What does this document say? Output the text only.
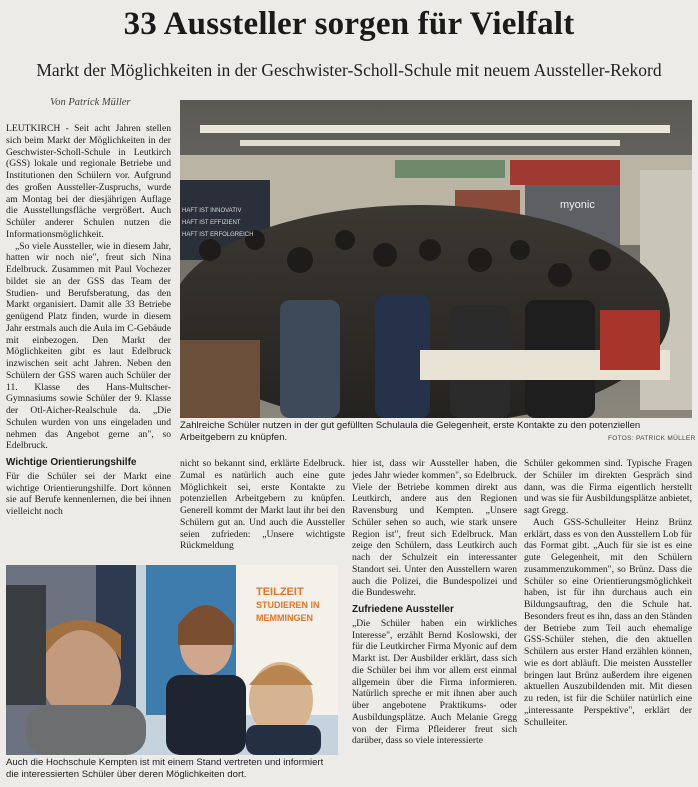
33 Aussteller sorgen für Vielfalt
Markt der Möglichkeiten in der Geschwister-Scholl-Schule mit neuem Aussteller-Rekord
Von Patrick Müller

LEUTKIRCH - Seit acht Jahren stellen sich beim Markt der Möglichkeiten in der Geschwister-Scholl-Schule in Leutkirch (GSS) lokale und regionale Betriebe und Institutionen den Schülern vor. Aufgrund des großen Aussteller-Zuspruchs, wurde am Montag bei der diesjährigen Auflage die Ausstellungsfläche vergrößert. Auch Schüler anderer Schulen nutzen die Informationsmöglichkeit.

„So viele Aussteller, wie in diesem Jahr, hatten wir noch nie", freut sich Nina Edelbruck. Zusammen mit Paul Vochezer bildet sie an der GSS das Team der Studien- und Berufsberatung, das den Markt organisiert. Damit alle 33 Betriebe genügend Platz finden, wurde in diesem Jahr erstmals auch die Aula im C-Gebäude mit einbezogen. Den Markt der Möglichkeiten gibt es laut Edelbruck inzwischen seit acht Jahren. Neben den Schülern der GSS waren auch Schüler der 11. Klasse des Hans-Multscher-Gymnasiums sowie Schüler der 9. Klasse der Otl-Aicher-Realschule da. „Die Schulen wurden von uns eingeladen und nehmen das Angebot gerne an", so Edelbruck.

Wichtige Orientierungshilfe

Für die Schüler sei der Markt eine wichtige Orientierungshilfe. Dort können sie auf Berufe kennenlernen, die bei ihnen vielleicht noch

HAFT IST INNOVATIV
HAFT IST EFFIZIENT
HAFT IST ERFOLGREICH
myonic
Zahlreiche Schüler nutzen in der gut gefüllten Schulaula die Gelegenheit, erste Kontakte zu den potenziellen Arbeitgebern zu knüpfen.	FOTOS: PATRICK MÜLLER
TEILZEIT
STUDIEREN IN
MEMMINGEN
Auch die Hochschule Kempten ist mit einem Stand vertreten und informiert die interessierten Schüler über deren Möglichkeiten dort.

nicht so bekannt sind, erklärte Edelbruck. Zumal es natürlich auch eine gute Möglichkeit sei, erste Kontakte zu potenziellen Arbeitgebern zu knüpfen. Generell kommt der Markt laut ihr bei den Schülern gut an. Und auch die Aussteller seien zufrieden: „Unsere wichtigste Rückmeldung

hier ist, dass wir Aussteller haben, die jedes Jahr wieder kommen", so Edelbruck. Viele der Betriebe kommen direkt aus Leutkirch, andere aus den Regionen Ravensburg und Kempten. „Unsere Schüler sehen so auch, wie stark unsere Region ist", freut sich Edelbruck. Man zeige den Schülern, dass Leutkirch auch nach der Schulzeit ein interessanter Standort sei. Unter den Ausstellern waren auch die Polizei, die Bundespolizei und die Bundeswehr.

Zufriedene Aussteller

„Die Schüler haben ein wirkliches Interesse", erzählt Bernd Koslowski, der für die Leutkircher Firma Myonic auf dem Markt ist. Der Ausbilder erklärt, dass sich die Schüler bei ihm vor allem erst einmal allgemein über die Firma informieren. Natürlich spreche er mit ihnen aber auch über angebotene Praktikums- oder Ausbildungsplätze. Auch Melanie Gregg von der Firma Pfleiderer freut sich darüber, dass so viele interessierte

Schüler gekommen sind. Typische Fragen der Schüler im direkten Gespräch sind dann, was die Firma eigentlich herstellt und was sie für Ausbildungsplätze anbietet, sagt Gregg.

Auch GSS-Schulleiter Heinz Brünz erklärt, dass es von den Ausstellern Lob für das Format gibt. „Auch für sie ist es eine gute Gelegenheit, mit den Schülern zusammenzukommen", so Brünz. Dass die Schüler so eine Orientierungsmöglichkeit haben, ist für ihn durchaus auch ein Bildungsauftrag, den die Schule hat. Besonders freut es ihn, dass an den Ständen der Betriebe zum Teil auch ehemalige GSS-Schüler stehen, die den aktuellen Schülern aus erster Hand erzählen können, wie es dort abläuft. Die meisten Aussteller bringen laut Brünz außerdem ihre eigenen aktuellen Auszubildenden mit. Mit diesen zu reden, ist für die Schüler natürlich eine „interessante Perspektive", erklärt der Schulleiter.
